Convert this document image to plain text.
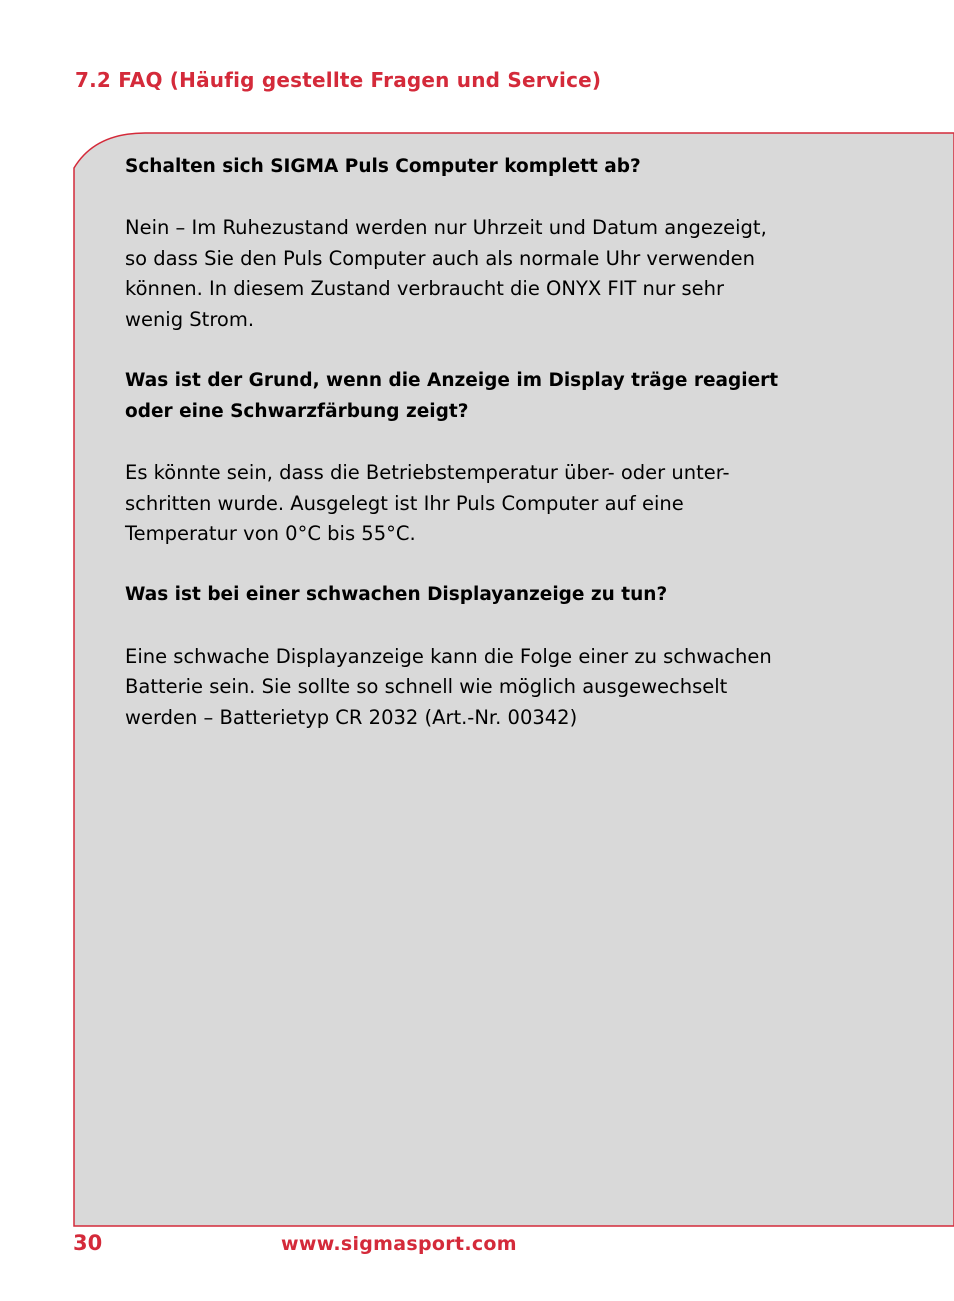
7.2 FAQ (Häufig gestellte Fragen und Service)

Schalten sich SIGMA Puls Computer komplett ab?

Nein – Im Ruhezustand werden nur Uhrzeit und Datum angezeigt,
so dass Sie den Puls Computer auch als normale Uhr verwenden
können. In diesem Zustand verbraucht die ONYX FIT nur sehr
wenig Strom.

Was ist der Grund, wenn die Anzeige im Display träge reagiert
oder eine Schwarzfärbung zeigt?

Es könnte sein, dass die Betriebstemperatur über- oder unter-
schritten wurde. Ausgelegt ist Ihr Puls Computer auf eine
Temperatur von 0°C bis 55°C.

Was ist bei einer schwachen Displayanzeige zu tun?

Eine schwache Displayanzeige kann die Folge einer zu schwachen
Batterie sein. Sie sollte so schnell wie möglich ausgewechselt
werden – Batterietyp CR 2032 (Art.-Nr. 00342)

30	www.sigmasport.com
